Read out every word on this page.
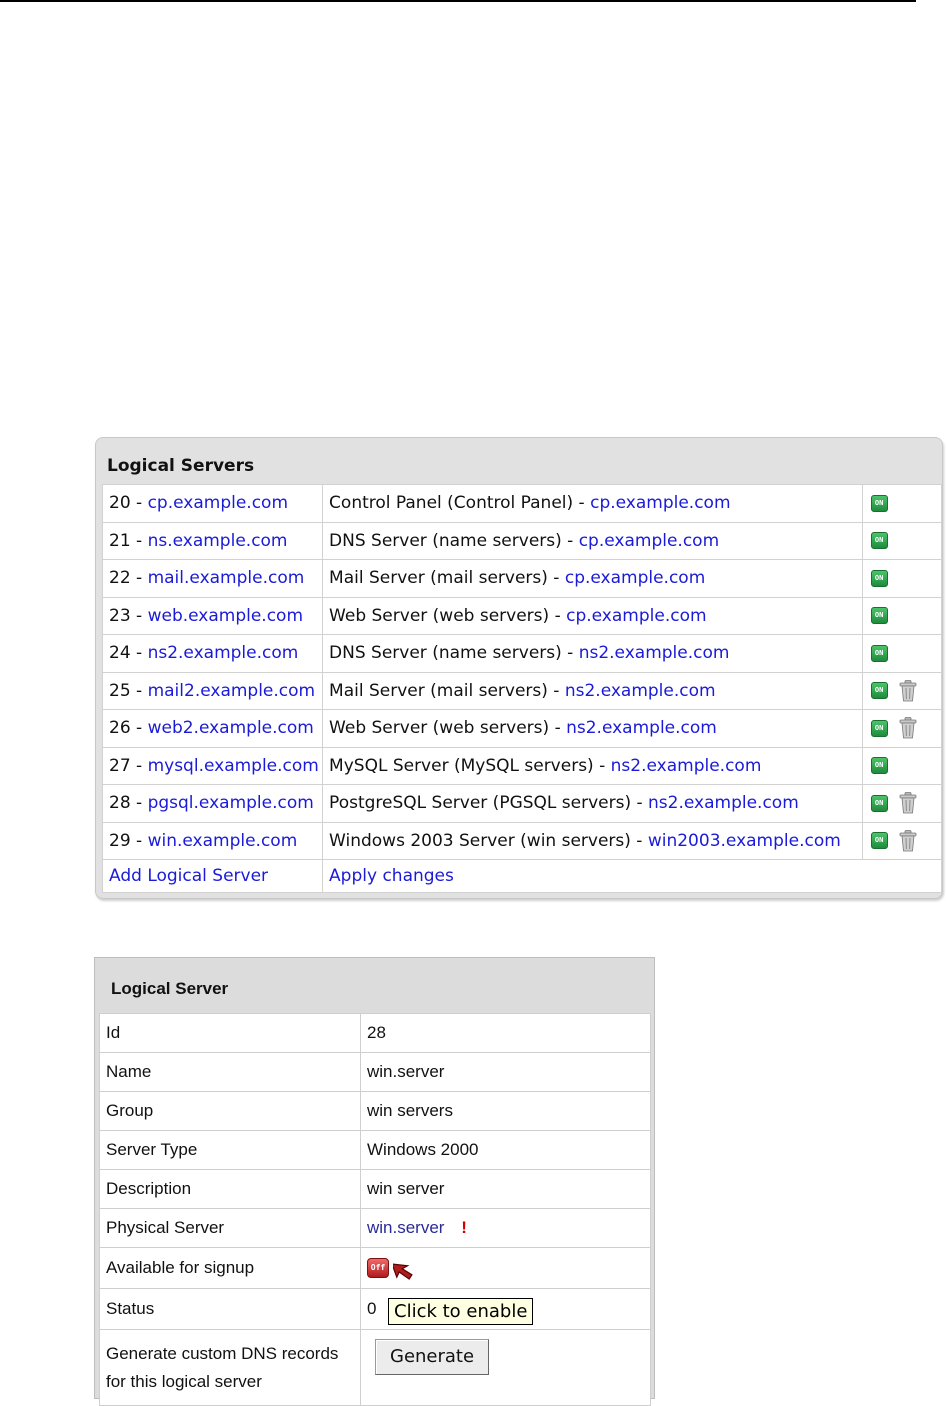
Logical Servers
20 - cp.example.com	Control Panel (Control Panel) - cp.example.com	ON
21 - ns.example.com	DNS Server (name servers) - cp.example.com	ON
22 - mail.example.com	Mail Server (mail servers) - cp.example.com	ON
23 - web.example.com	Web Server (web servers) - cp.example.com	ON
24 - ns2.example.com	DNS Server (name servers) - ns2.example.com	ON
25 - mail2.example.com	Mail Server (mail servers) - ns2.example.com	ON
26 - web2.example.com	Web Server (web servers) - ns2.example.com	ON
27 - mysql.example.com	MySQL Server (MySQL servers) - ns2.example.com	ON
28 - pgsql.example.com	PostgreSQL Server (PGSQL servers) - ns2.example.com	ON
29 - win.example.com	Windows 2003 Server (win servers) - win2003.example.com	ON
Add Logical Server	Apply changes	
Logical Server
Id	28
Name	win.server
Group	win servers
Server Type	Windows 2000
Description	win server
Physical Server	win.server !
Available for signup	Off
Status	0
Generate custom DNS records
for this logical server	Generate
Click to enable
